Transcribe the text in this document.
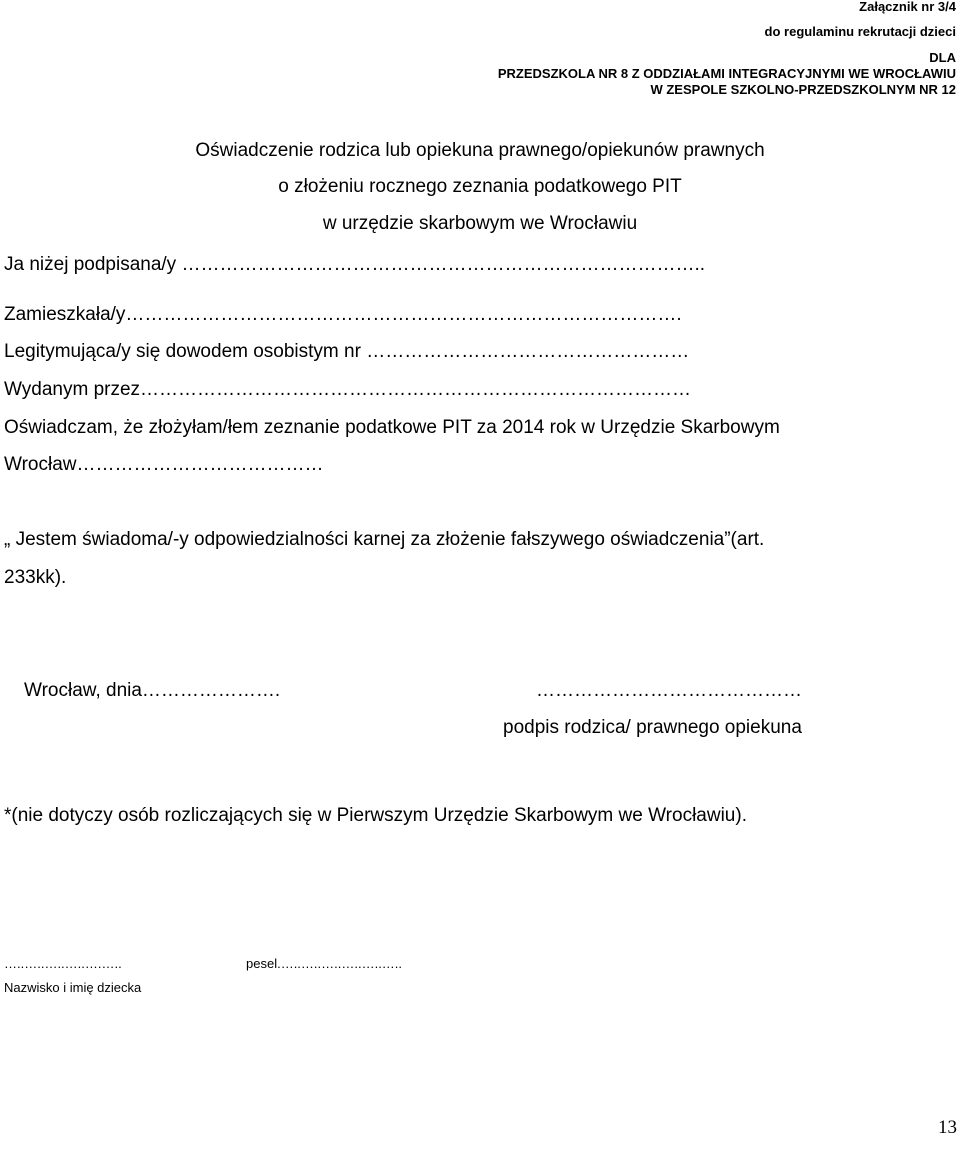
Załącznik nr 3/4
do regulaminu rekrutacji dzieci
DLA
PRZEDSZKOLA NR 8 Z ODDZIAŁAMI INTEGRACYJNYMI WE WROCŁAWIU
W ZESPOLE SZKOLNO-PRZEDSZKOLNYM NR 12
Oświadczenie rodzica lub opiekuna prawnego/opiekunów prawnych
o złożeniu rocznego zeznania podatkowego PIT
w urzędzie skarbowym we Wrocławiu
Ja niżej podpisana/y ………………………………………………………………………..
Zamieszkała/y…………………………………………………………………………….
Legitymująca/y się dowodem osobistym nr ……………………………………………
Wydanym przez……………………………………………………………………………
Oświadczam, że złożyłam/łem zeznanie podatkowe PIT za 2014 rok w Urzędzie Skarbowym
Wrocław…………………………………
„ Jestem świadoma/-y odpowiedzialności karnej za złożenie fałszywego oświadczenia”(art.
233kk).
Wrocław, dnia………………….	……………………………………
podpis rodzica/ prawnego opiekuna
*(nie dotyczy osób rozliczających się w Pierwszym Urzędzie Skarbowym we Wrocławiu).
…..…..…..…..….…..	pesel.…..…..…..…..…..…..
Nazwisko i imię dziecka
13
